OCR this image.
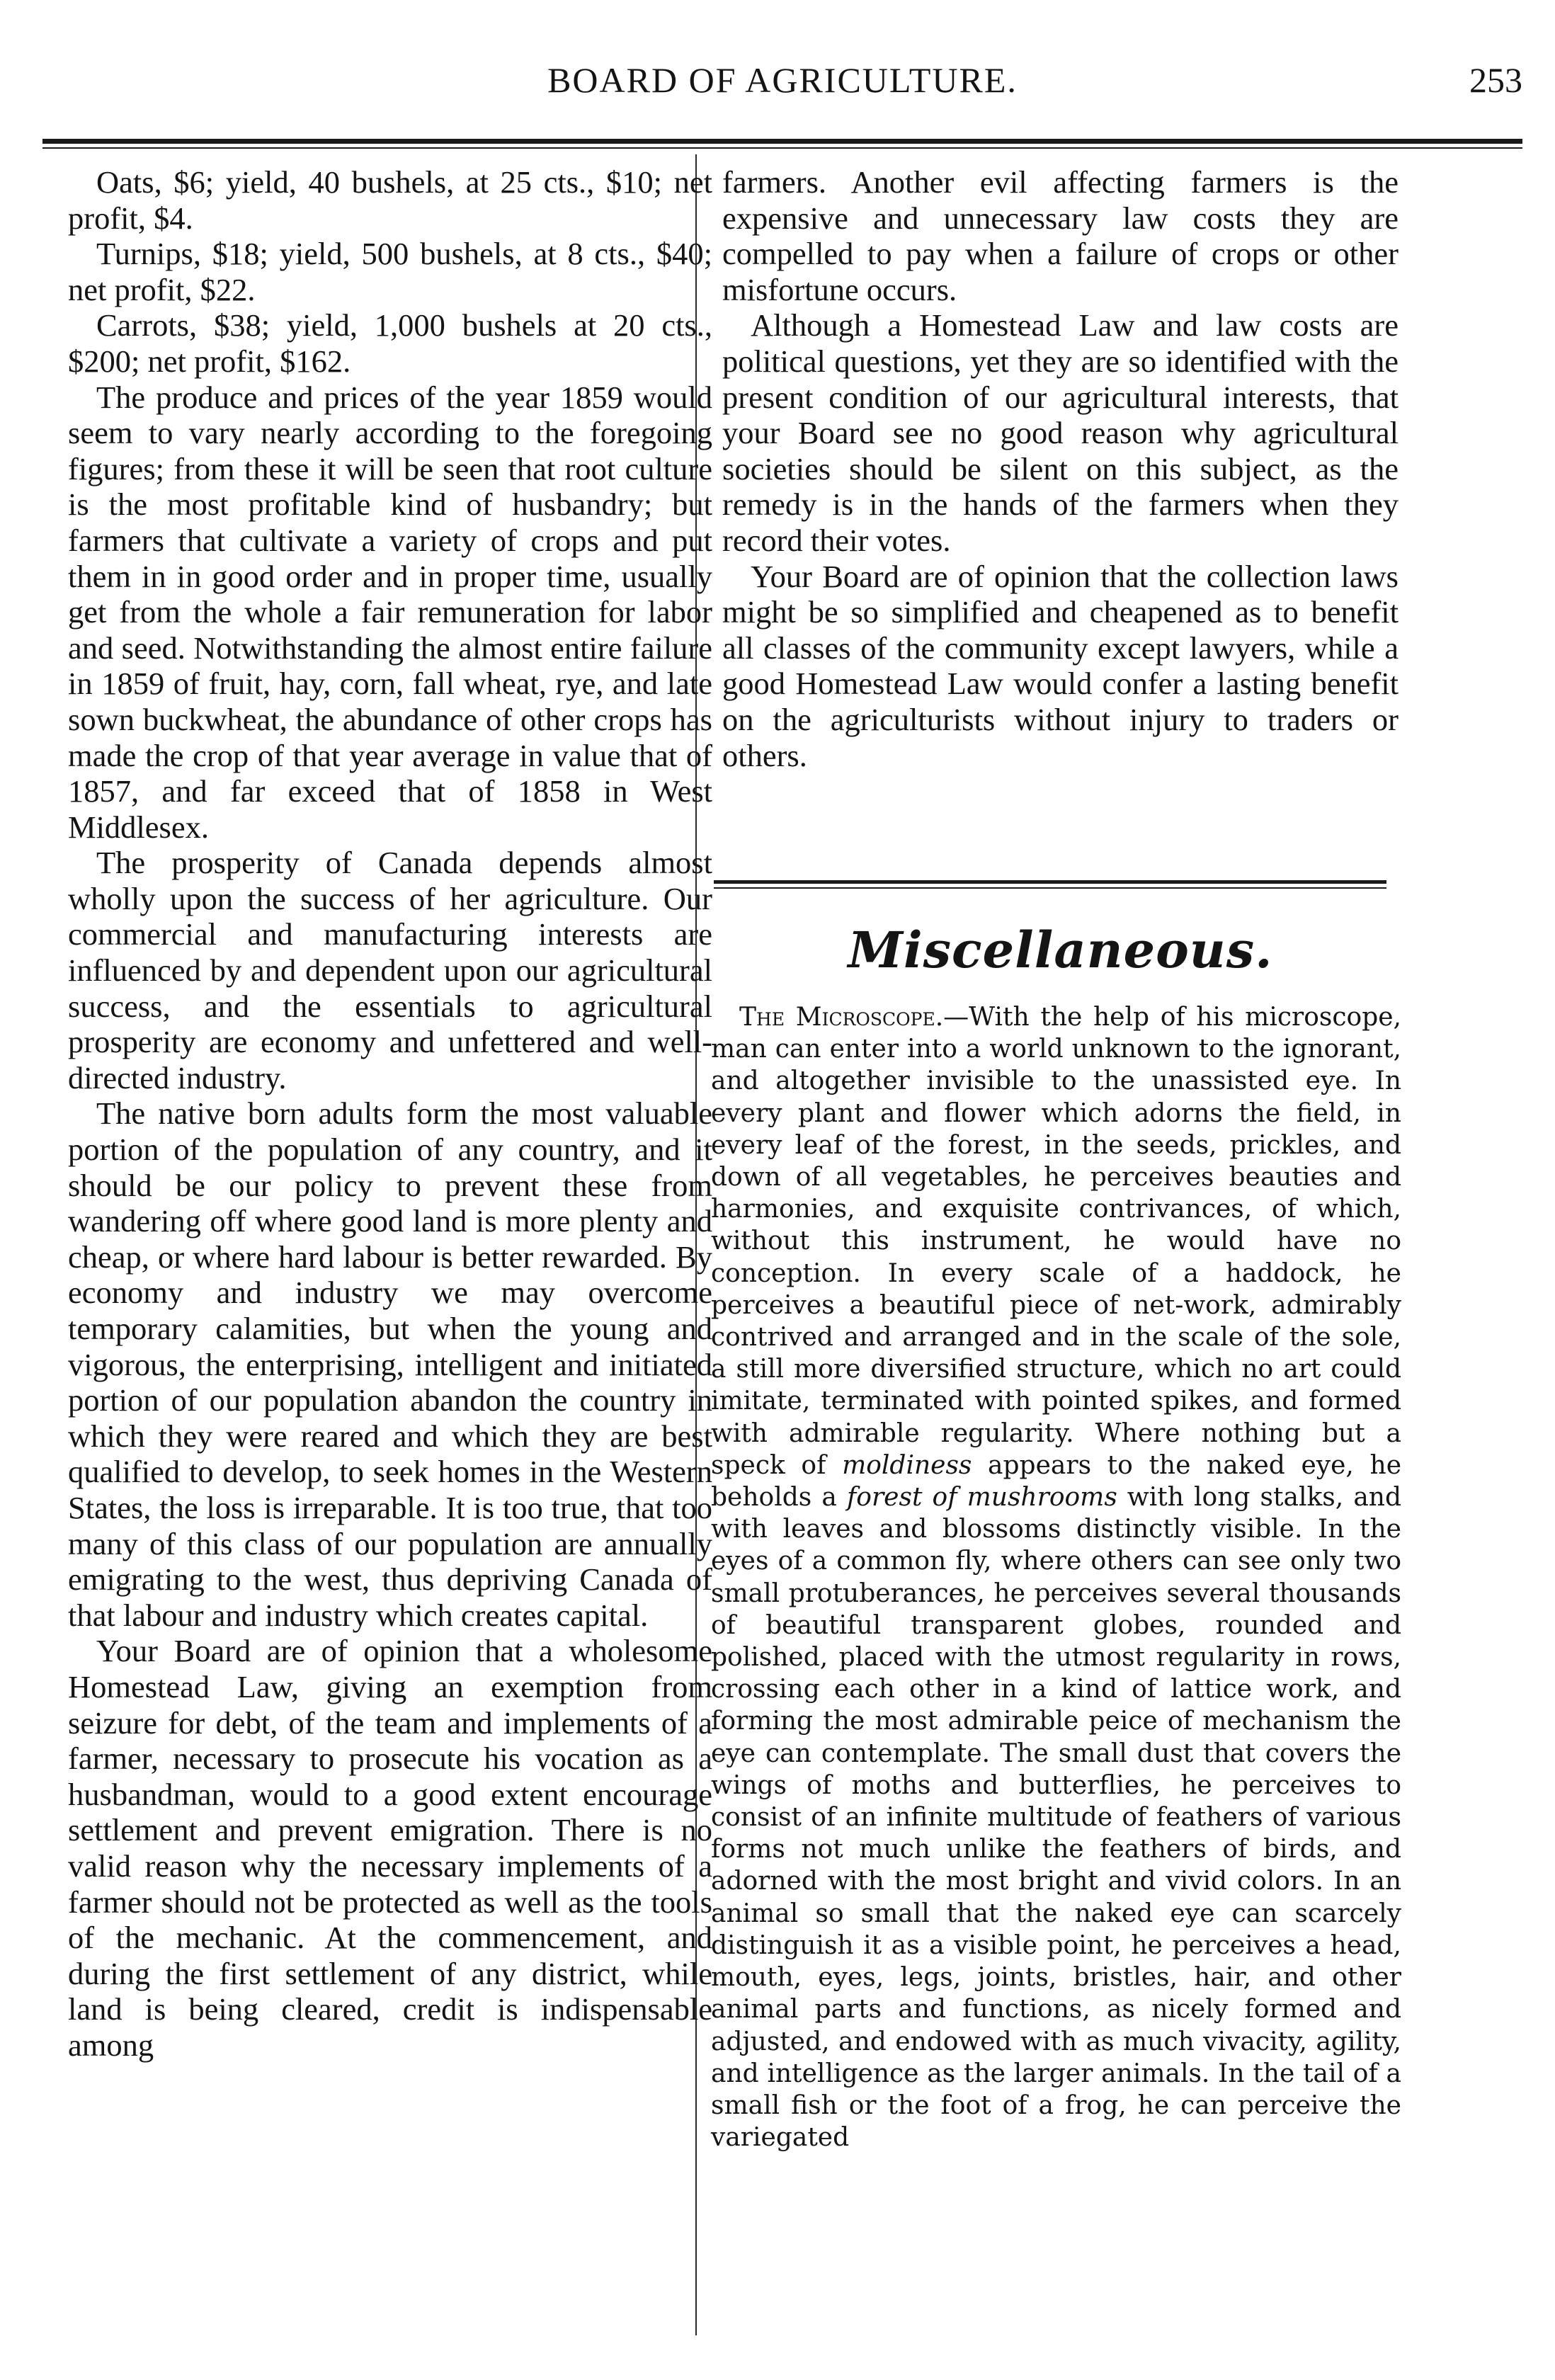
BOARD OF AGRICULTURE.	253

Oats, $6; yield, 40 bushels, at 25 cts., $10; net profit, $4.

Turnips, $18; yield, 500 bushels, at 8 cts., $40; net profit, $22.

Carrots, $38; yield, 1,000 bushels at 20 cts., $200; net profit, $162.

The produce and prices of the year 1859 would seem to vary nearly according to the foregoing figures; from these it will be seen that root culture is the most profitable kind of husbandry; but farmers that cultivate a variety of crops and put them in in good order and in proper time, usually get from the whole a fair remuneration for labor and seed. Notwithstanding the almost entire failure in 1859 of fruit, hay, corn, fall wheat, rye, and late sown buckwheat, the abundance of other crops has made the crop of that year average in value that of 1857, and far exceed that of 1858 in West Middlesex.

The prosperity of Canada depends almost wholly upon the success of her agriculture. Our commercial and manufacturing interests are influenced by and dependent upon our agricultural success, and the essentials to agricultural prosperity are economy and unfettered and well-directed industry.

The native born adults form the most valuable portion of the population of any country, and it should be our policy to prevent these from wandering off where good land is more plenty and cheap, or where hard labour is better rewarded. By economy and industry we may overcome temporary calamities, but when the young and vigorous, the enterprising, intelligent and initiated portion of our population abandon the country in which they were reared and which they are best qualified to develop, to seek homes in the Western States, the loss is irreparable. It is too true, that too many of this class of our population are annually emigrating to the west, thus depriving Canada of that labour and industry which creates capital.

Your Board are of opinion that a wholesome Homestead Law, giving an exemption from seizure for debt, of the team and implements of a farmer, necessary to prosecute his vocation as a husbandman, would to a good extent encourage settlement and prevent emigration. There is no valid reason why the necessary implements of a farmer should not be protected as well as the tools of the mechanic. At the commencement, and during the first settlement of any district, while land is being cleared, credit is indispensable among

farmers. Another evil affecting farmers is the expensive and unnecessary law costs they are compelled to pay when a failure of crops or other misfortune occurs.

Although a Homestead Law and law costs are political questions, yet they are so identified with the present condition of our agricultural interests, that your Board see no good reason why agricultural societies should be silent on this subject, as the remedy is in the hands of the farmers when they record their votes.

Your Board are of opinion that the collection laws might be so simplified and cheapened as to benefit all classes of the community except lawyers, while a good Homestead Law would confer a lasting benefit on the agriculturists without injury to traders or others.

Miscellaneous.

The Microscope.—With the help of his microscope, man can enter into a world unknown to the ignorant, and altogether invisible to the unassisted eye. In every plant and flower which adorns the field, in every leaf of the forest, in the seeds, prickles, and down of all vegetables, he perceives beauties and harmonies, and exquisite contrivances, of which, without this instrument, he would have no conception. In every scale of a haddock, he perceives a beautiful piece of net-work, admirably contrived and arranged and in the scale of the sole, a still more diversified structure, which no art could imitate, terminated with pointed spikes, and formed with admirable regularity. Where nothing but a speck of moldiness appears to the naked eye, he beholds a forest of mushrooms with long stalks, and with leaves and blossoms distinctly visible. In the eyes of a common fly, where others can see only two small protuberances, he perceives several thousands of beautiful transparent globes, rounded and polished, placed with the utmost regularity in rows, crossing each other in a kind of lattice work, and forming the most admirable peice of mechanism the eye can contemplate. The small dust that covers the wings of moths and butterflies, he perceives to consist of an infinite multitude of feathers of various forms not much unlike the feathers of birds, and adorned with the most bright and vivid colors. In an animal so small that the naked eye can scarcely distinguish it as a visible point, he perceives a head, mouth, eyes, legs, joints, bristles, hair, and other animal parts and functions, as nicely formed and adjusted, and endowed with as much vivacity, agility, and intelligence as the larger animals. In the tail of a small fish or the foot of a frog, he can perceive the variegated
